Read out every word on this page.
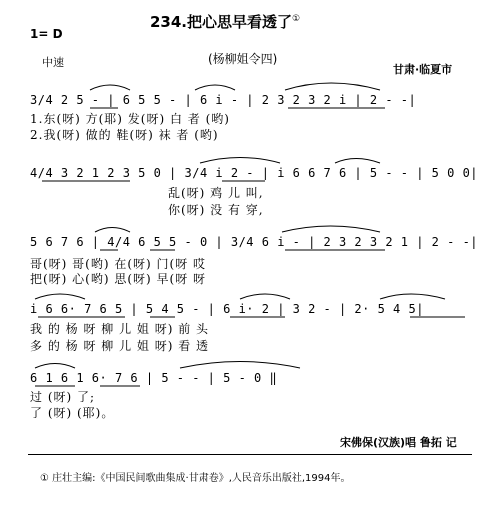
234.把心思早看透了①
1= D
(杨柳姐令四)
中速
甘肃·临夏市
3/4 2 5 - | 6 5 5 - | 6 i - | 2 3 2 3 2 i | 2 - -|
1.东(呀) 方(耶) 发(呀) 白 者 (哟)
2.我(呀) 做的 鞋(呀) 袜 者 (哟)
4/4 3 2 1 2 3 5 0 | 3/4 i 2 - | i 6 6 7 6 | 5 - - | 5 0 0|
乱(呀) 鸡 儿 叫,
你(呀) 没 有 穿,
5 6 7 6 | 4/4 6 5 5 - 0 | 3/4 6 i - | 2 3 2 3 2 1 | 2 - -|
哥(呀) 哥(哟) 在(呀) 门(呀 哎
把(呀) 心(哟) 思(呀) 早(呀 呀
i 6 6· 7 6 5 | 5 4 5 - | 6 i· 2 | 3 2 - | 2· 5 4 5|
我 的 杨 呀 柳 儿 姐 呀) 前 头
多 的 杨 呀 柳 儿 姐 呀) 看 透
6 1 6 1 6· 7 6 | 5 - - | 5 - 0 ‖
过 (呀) 了;
了 (呀) (耶)。
宋佛保(汉族)唱 鲁拓 记
① 庄壮主编:《中国民间歌曲集成·甘肃卷》,人民音乐出版社,1994年。
